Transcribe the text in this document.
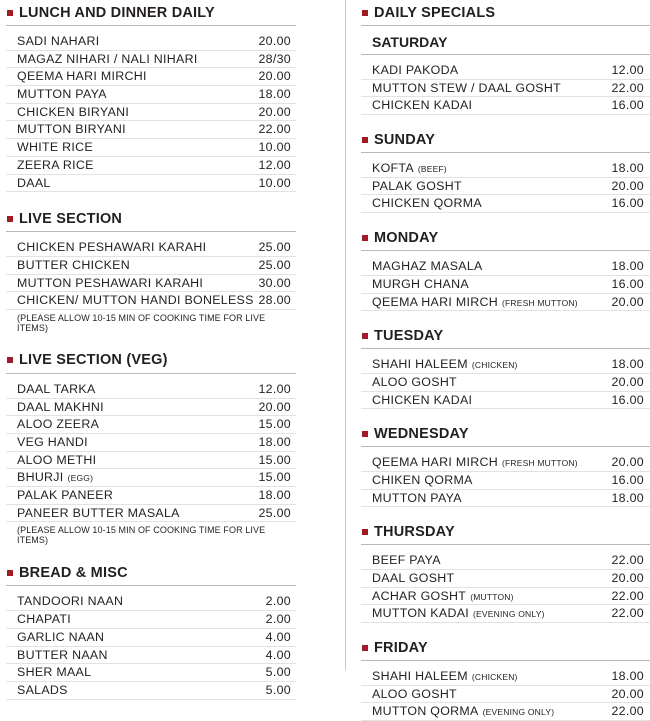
LUNCH AND DINNER DAILY
SADI NAHARI	20.00
MAGAZ NIHARI / NALI NIHARI	28/30
QEEMA HARI MIRCHI	20.00
MUTTON PAYA	18.00
CHICKEN BIRYANI	20.00
MUTTON BIRYANI	22.00
WHITE RICE	10.00
ZEERA RICE	12.00
DAAL	10.00
LIVE SECTION
CHICKEN PESHAWARI KARAHI	25.00
BUTTER CHICKEN	25.00
MUTTON PESHAWARI KARAHI	30.00
CHICKEN/ MUTTON HANDI BONELESS 28.00
(PLEASE ALLOW 10-15 MIN OF COOKING TIME FOR LIVE ITEMS)
LIVE SECTION (VEG)
DAAL TARKA	12.00
DAAL MAKHNI	20.00
ALOO ZEERA	15.00
VEG HANDI	18.00
ALOO METHI	15.00
BHURJI (EGG)	15.00
PALAK PANEER	18.00
PANEER BUTTER MASALA	25.00
(PLEASE ALLOW 10-15 MIN OF COOKING TIME FOR LIVE ITEMS)
BREAD & MISC
TANDOORI NAAN	2.00
CHAPATI	2.00
GARLIC NAAN	4.00
BUTTER NAAN	4.00
SHER MAAL	5.00
SALADS	5.00
DAILY SPECIALS
SATURDAY
KADI PAKODA	12.00
MUTTON STEW / DAAL GOSHT	22.00
CHICKEN KADAI	16.00
SUNDAY
KOFTA (BEEF)	18.00
PALAK GOSHT	20.00
CHICKEN QORMA	16.00
MONDAY
MAGHAZ MASALA	18.00
MURGH CHANA	16.00
QEEMA HARI MIRCH (FRESH MUTTON)	20.00
TUESDAY
SHAHI HALEEM (CHICKEN)	18.00
ALOO GOSHT	20.00
CHICKEN KADAI	16.00
WEDNESDAY
QEEMA HARI MIRCH (FRESH MUTTON)	20.00
CHIKEN QORMA	16.00
MUTTON PAYA	18.00
THURSDAY
BEEF PAYA	22.00
DAAL GOSHT	20.00
ACHAR GOSHT (MUTTON)	22.00
MUTTON KADAI (EVENING ONLY)	22.00
FRIDAY
SHAHI HALEEM (CHICKEN)	18.00
ALOO GOSHT	20.00
MUTTON QORMA (EVENING ONLY)	22.00
